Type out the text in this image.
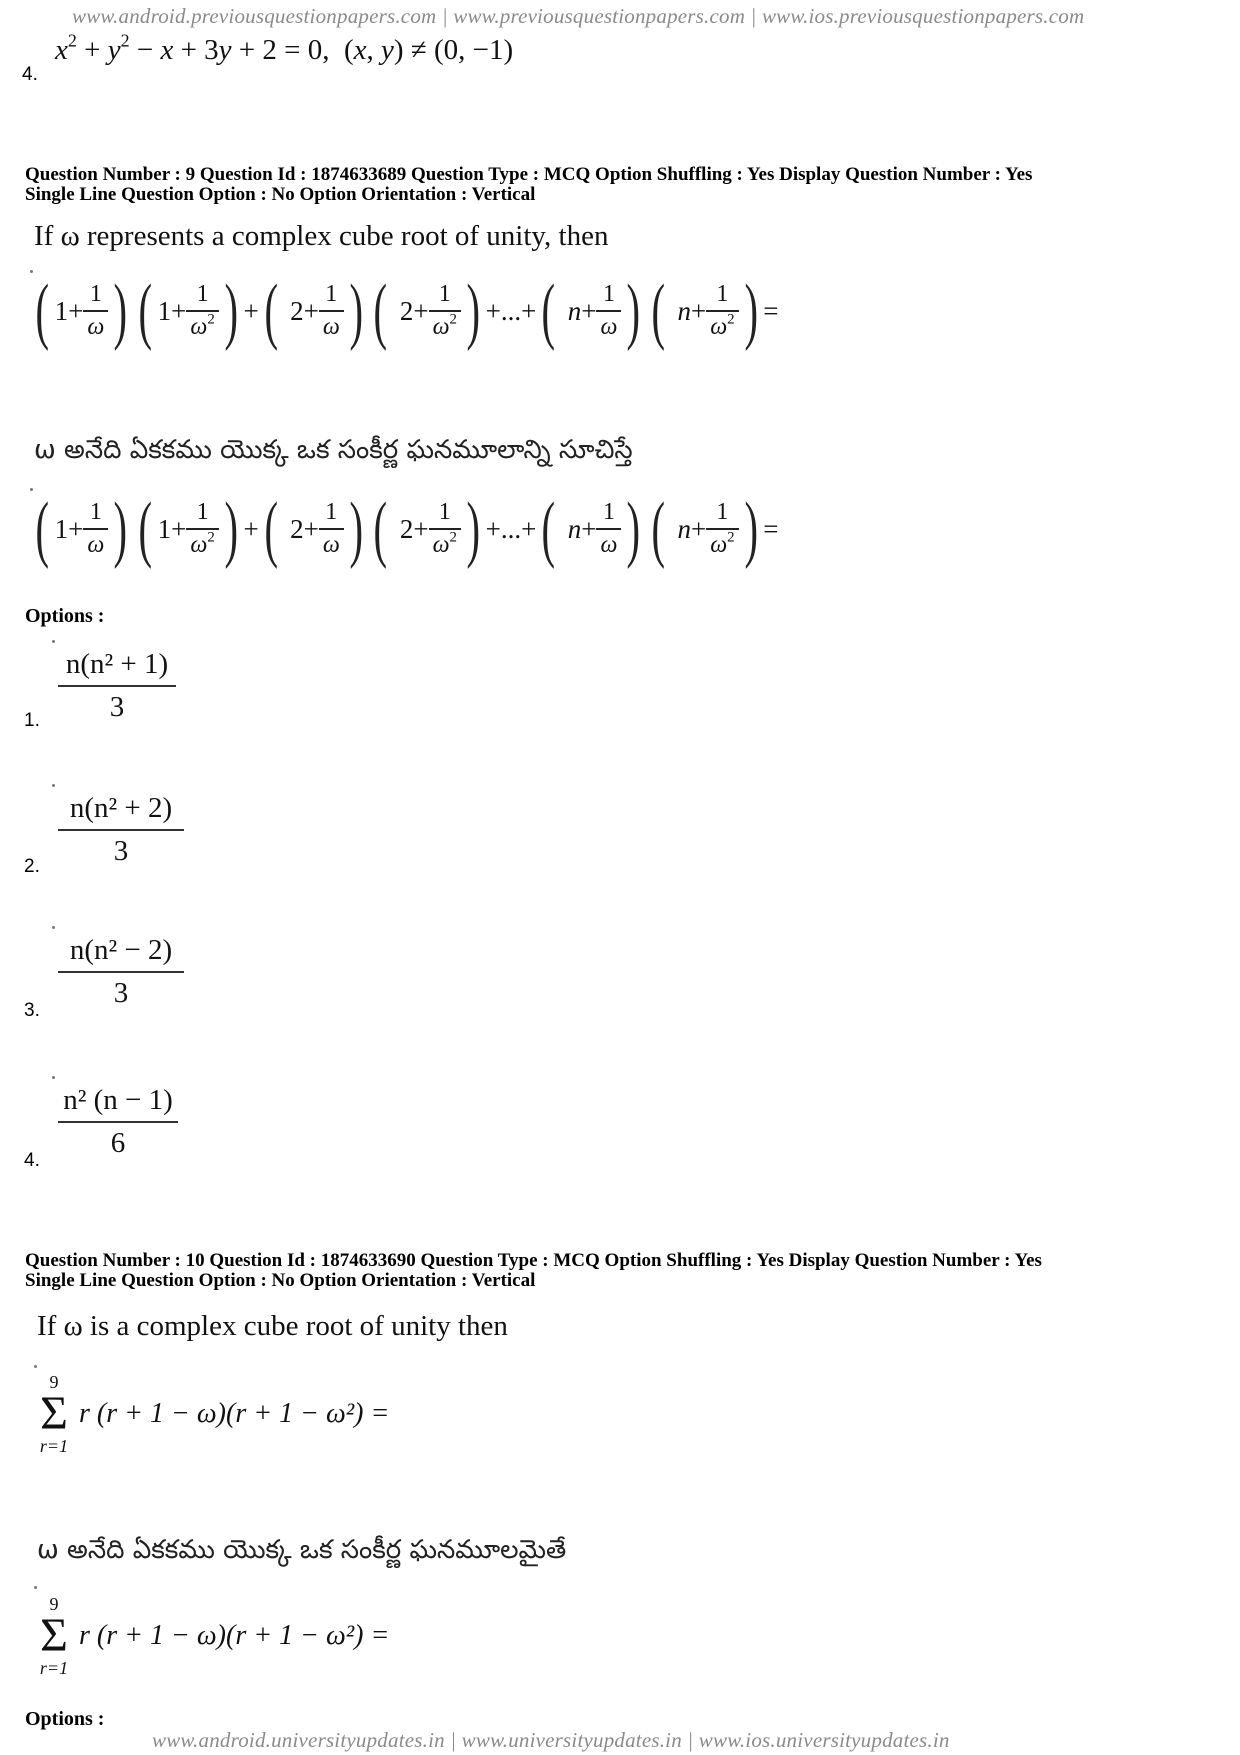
www.android.previousquestionpapers.com | www.previousquestionpapers.com | www.ios.previousquestionpapers.com
4.
$x^2 + y^2 - x + 3y + 2 = 0$,  (x, y) ≠ (0, −1)
Question Number : 9 Question Id : 1874633689 Question Type : MCQ Option Shuffling : Yes Display Question Number : Yes
Single Line Question Option : No Option Orientation : Vertical
If ω represents a complex cube root of unity, then
( $1+ \frac{1}{\omega}$ ) ( $1+ \frac{1}{\omega^2}$ ) + ( $2+ \frac{1}{\omega}$ ) ( $2+ \frac{1}{\omega^2}$ ) +...+ (
$n + \frac{1}{\omega}$ ) (
$n + \frac{1}{\omega^2}$ ) =
ω అనేది ఏకకము యొక్క ఒక సంకీర్ణ ఘనమూలాన్ని సూచిస్తే
( $1+ \frac{1}{\omega}$ ) ( $1+ \frac{1}{\omega^2}$ ) + ( $2+ \frac{1}{\omega}$ ) ( $2+ \frac{1}{\omega^2}$ ) +...+ (
$n + \frac{1}{\omega}$ ) (
$n + \frac{1}{\omega^2}$ ) =
Options :
$\frac{\text{n(n² + 1)}}{3}$
1.
$\frac{\text{n(n² + 2)}}{3}$
2.
$\frac{\text{n(n² − 2)}}{3}$
3.
$\frac{\text{n² (n − 1)}}{6}$
4.
Question Number : 10 Question Id : 1874633690 Question Type : MCQ Option Shuffling : Yes Display Question Number : Yes
Single Line Question Option : No Option Orientation : Vertical
If ω is a complex cube root of unity then
9
Σ
r=1
r (r + 1 − ω)(r + 1 − ω²) =
ω అనేది ఏకకము యొక్క ఒక సంకీర్ణ ఘనమూలమైతే
9
Σ
r=1
r (r + 1 − ω)(r + 1 − ω²) =
Options :
www.android.universityupdates.in | www.universityupdates.in | www.ios.universityupdates.in
